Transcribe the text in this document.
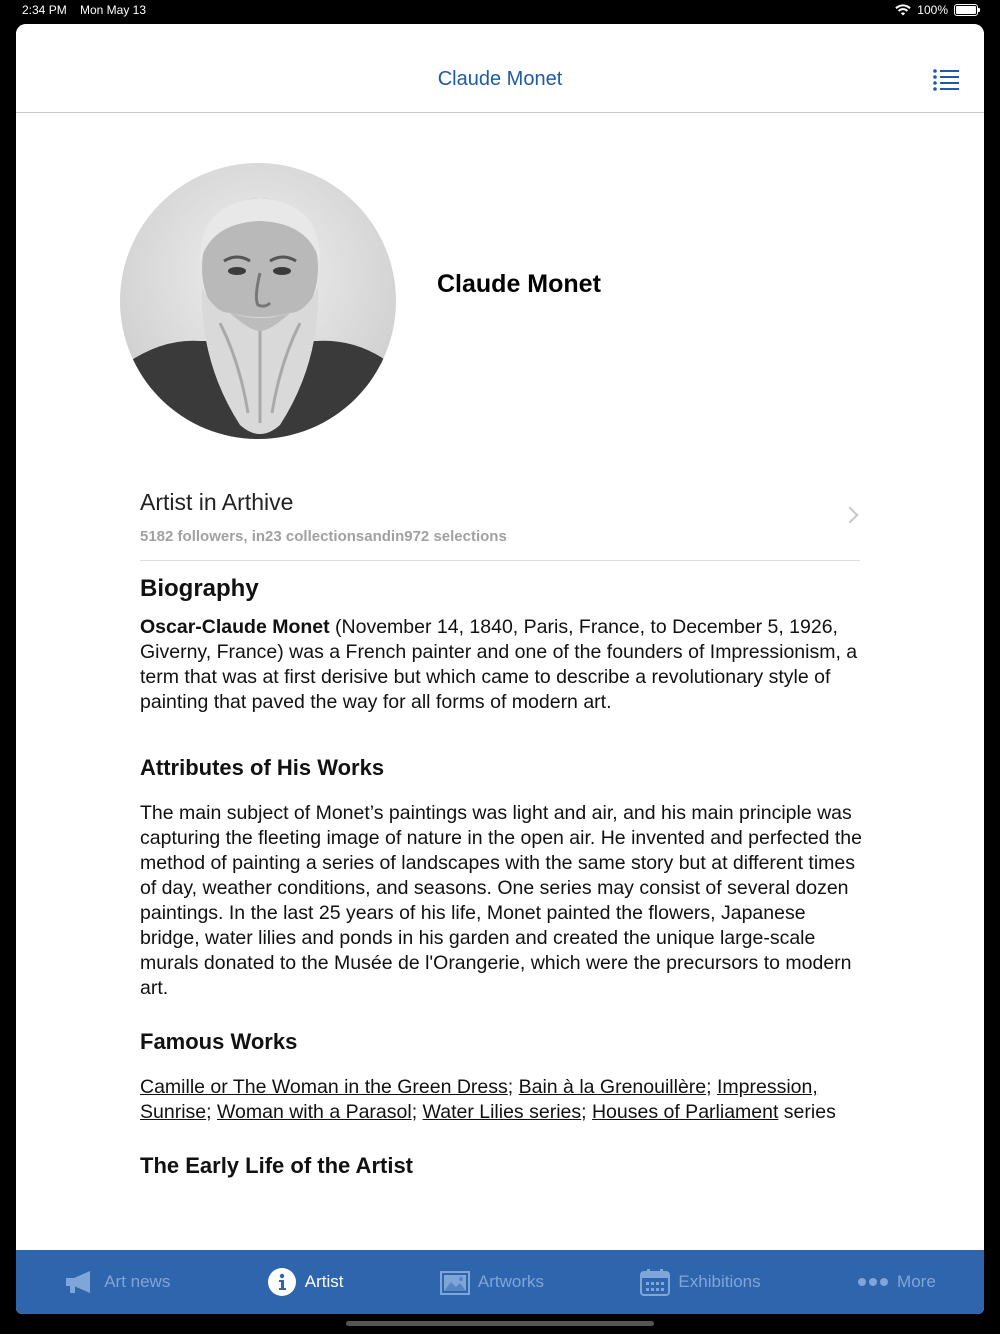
2:34 PM Mon May 13	100%
Claude Monet
Claude Monet
Artist in Arthive
5182 followers, in23 collectionsandin972 selections
Biography

Oscar-Claude Monet (November 14, 1840, Paris, France, to December 5, 1926, Giverny, France) was a French painter and one of the founders of Impressionism, a term that was at first derisive but which came to describe a revolutionary style of painting that paved the way for all forms of modern art.

Attributes of His Works

The main subject of Monet’s paintings was light and air, and his main principle was capturing the fleeting image of nature in the open air. He invented and perfected the method of painting a series of landscapes with the same story but at different times of day, weather conditions, and seasons. One series may consist of several dozen paintings. In the last 25 years of his life, Monet painted the flowers, Japanese bridge, water lilies and ponds in his garden and created the unique large-scale murals donated to the Musée de l'Orangerie, which were the precursors to modern art.

Famous Works

Camille or The Woman in the Green Dress; Bain à la Grenouillère; Impression, Sunrise; Woman with a Parasol; Water Lilies series; Houses of Parliament series

The Early Life of the Artist
Art news	Artist	Artworks	Exhibitions	More
